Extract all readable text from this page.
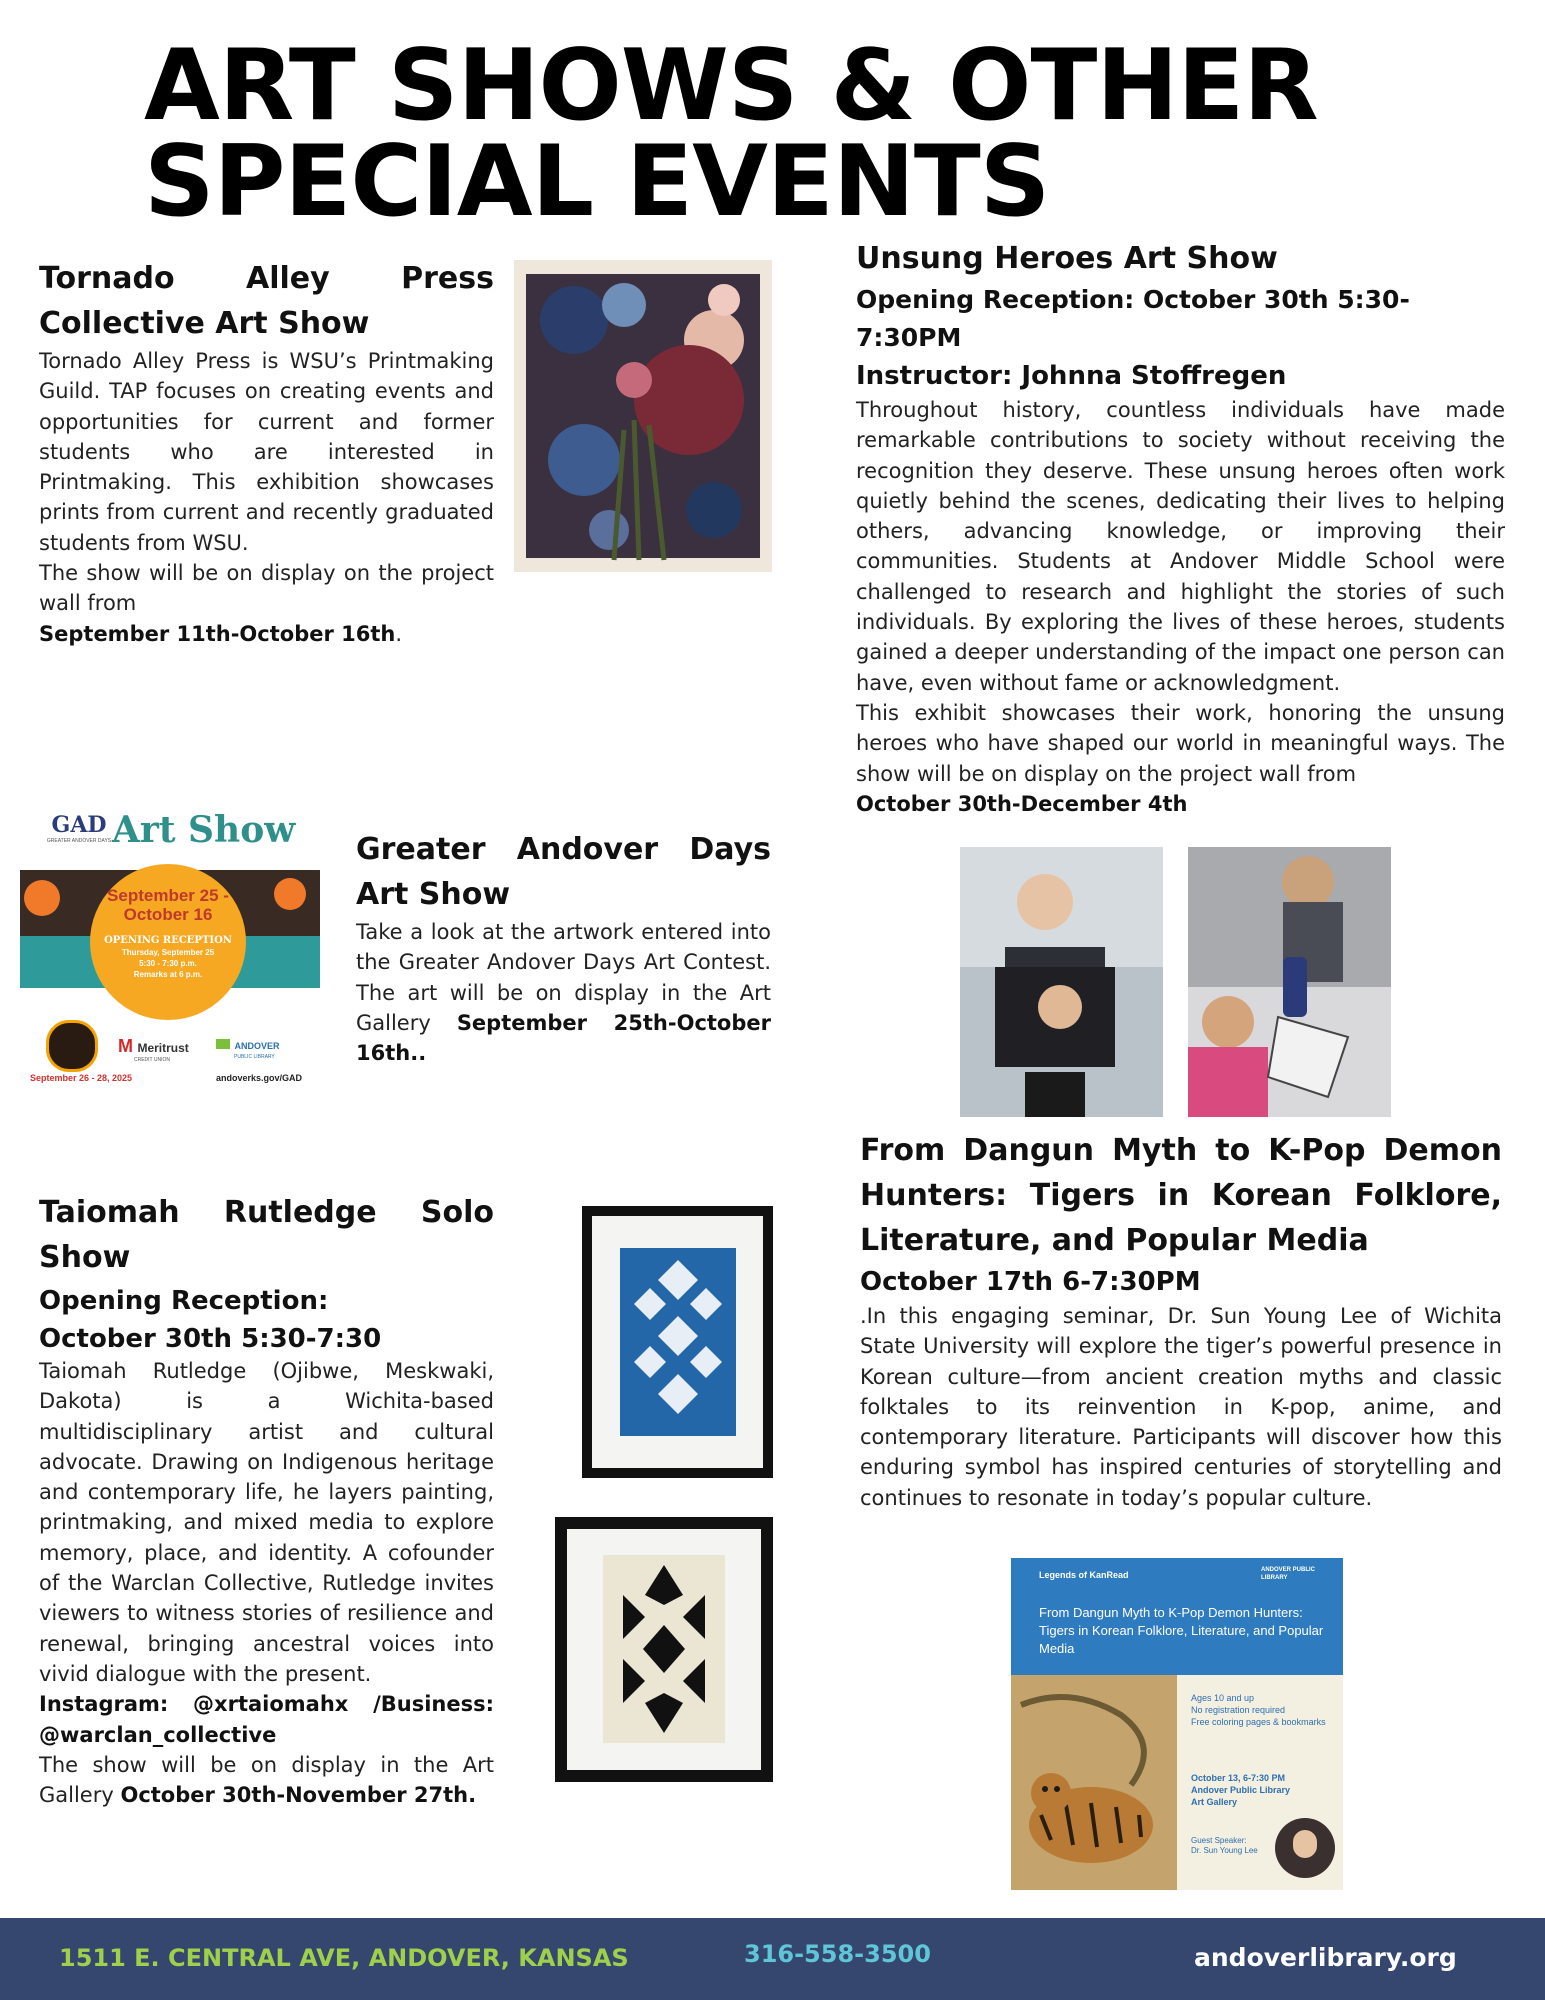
ART SHOWS & OTHER
SPECIAL EVENTS
Tornado Alley Press
Collective Art Show
Tornado Alley Press is WSU’s Printmaking Guild. TAP focuses on creating events and opportunities for current and former students who are interested in Printmaking. This exhibition showcases prints from current and recently graduated students from WSU.
The show will be on display on the project wall from
September 11th-October 16th.
Unsung Heroes Art Show
Opening Reception: October 30th 5:30-7:30PM
Instructor: Johnna Stoffregen
Throughout history, countless individuals have made remarkable contributions to society without receiving the recognition they deserve. These unsung heroes often work quietly behind the scenes, dedicating their lives to helping others, advancing knowledge, or improving their communities. Students at Andover Middle School were challenged to research and highlight the stories of such individuals. By exploring the lives of these heroes, students gained a deeper understanding of the impact one person can have, even without fame or acknowledgment.
This exhibit showcases their work, honoring the unsung heroes who have shaped our world in meaningful ways. The show will be on display on the project wall from
October 30th-December 4th
GAD
GREATER ANDOVER DAYS Art Show
September 25 -
October 16
OPENING RECEPTION
Thursday, September 25
5:30 - 7:30 p.m.
Remarks at 6 p.m.
M Meritrust
CREDIT UNION
ANDOVER
PUBLIC LIBRARY
September 26 - 28, 2025	andoverks.gov/GAD
Greater Andover Days
Art Show
Take a look at the artwork entered into the Greater Andover Days Art Contest. The art will be on display in the Art Gallery September 25th-October 16th..
From Dangun Myth to K-Pop Demon
Hunters: Tigers in Korean Folklore,
Literature, and Popular Media
October 17th 6-7:30PM
.In this engaging seminar, Dr. Sun Young Lee of Wichita State University will explore the tiger’s powerful presence in Korean culture—from ancient creation myths and classic folktales to its reinvention in K-pop, anime, and contemporary literature. Participants will discover how this enduring symbol has inspired centuries of storytelling and continues to resonate in today’s popular culture.
Legends of KanRead	ANDOVER PUBLIC LIBRARY
From Dangun Myth to K-Pop Demon Hunters: Tigers in Korean Folklore, Literature, and Popular Media
Ages 10 and up
No registration required
Free coloring pages & bookmarks
October 13, 6-7:30 PM
Andover Public Library
Art Gallery
Guest Speaker:
Dr. Sun Young Lee
Taiomah Rutledge Solo
Show
Opening Reception:
October 30th 5:30-7:30
Taiomah Rutledge (Ojibwe, Meskwaki, Dakota) is a Wichita-based multidisciplinary artist and cultural advocate. Drawing on Indigenous heritage and contemporary life, he layers painting, printmaking, and mixed media to explore memory, place, and identity. A cofounder of the Warclan Collective, Rutledge invites viewers to witness stories of resilience and renewal, bringing ancestral voices into vivid dialogue with the present.
Instagram: @xrtaiomahx /Business: @warclan_collective
The show will be on display in the Art Gallery October 30th-November 27th.
1511 E. CENTRAL AVE, ANDOVER, KANSAS	316-558-3500	andoverlibrary.org
